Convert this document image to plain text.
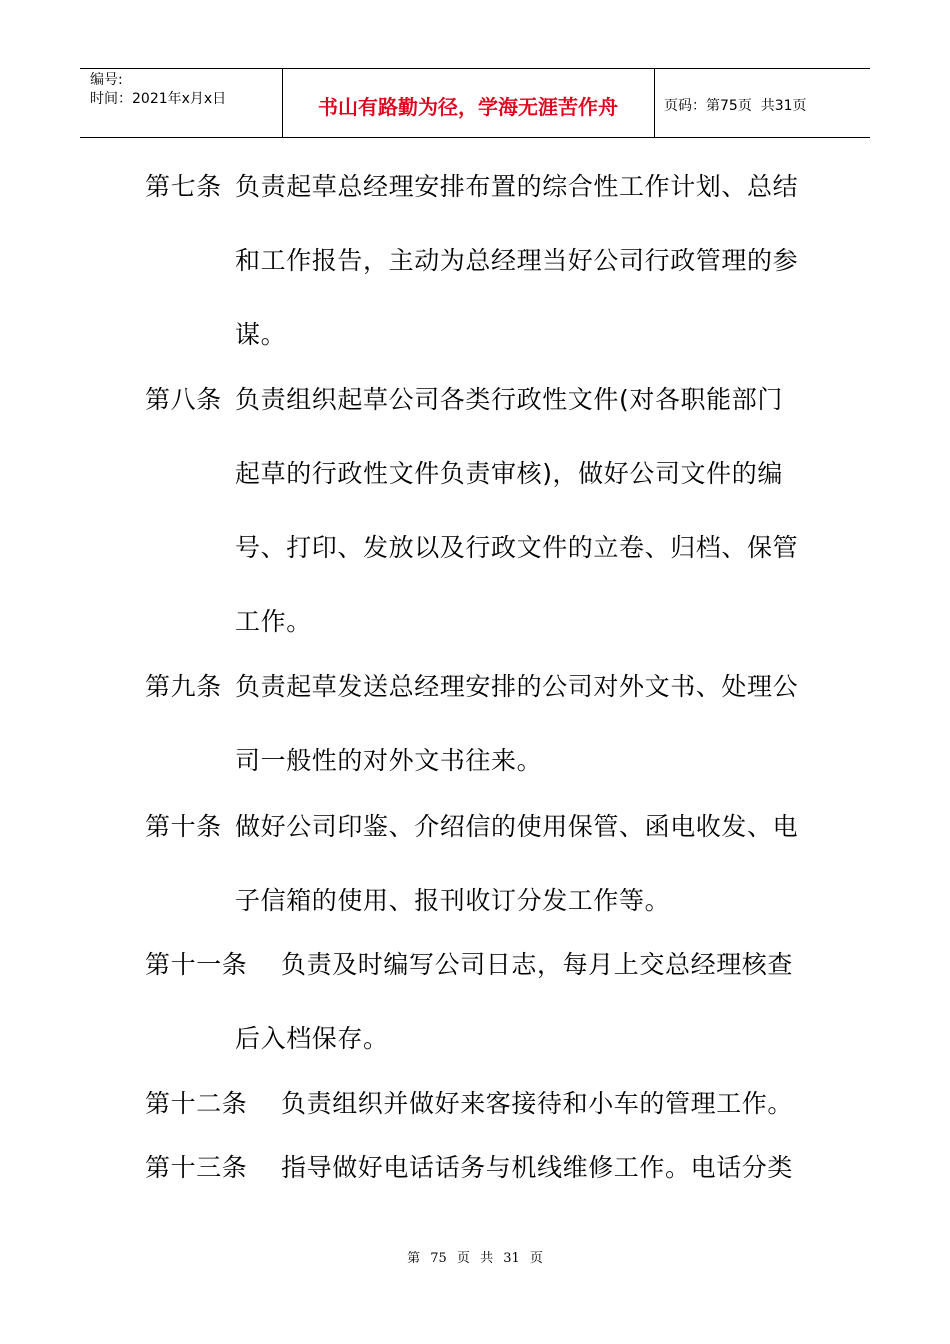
编号:
时间：2021年x月x日	书山有路勤为径，学海无涯苦作舟	页码：第75页  共31页
第七条 负责起草总经理安排布置的综合性工作计划、总结
和工作报告，主动为总经理当好公司行政管理的参
谋。
第八条 负责组织起草公司各类行政性文件(对各职能部门
起草的行政性文件负责审核)，做好公司文件的编
号、打印、发放以及行政文件的立卷、归档、保管
工作。
第九条 负责起草发送总经理安排的公司对外文书、处理公
司一般性的对外文书往来。
第十条 做好公司印鉴、介绍信的使用保管、函电收发、电
子信箱的使用、报刊收订分发工作等。
第十一条 负责及时编写公司日志，每月上交总经理核查
后入档保存。
第十二条 负责组织并做好来客接待和小车的管理工作。
第十三条 指导做好电话话务与机线维修工作。电话分类
第 75 页 共 31 页
